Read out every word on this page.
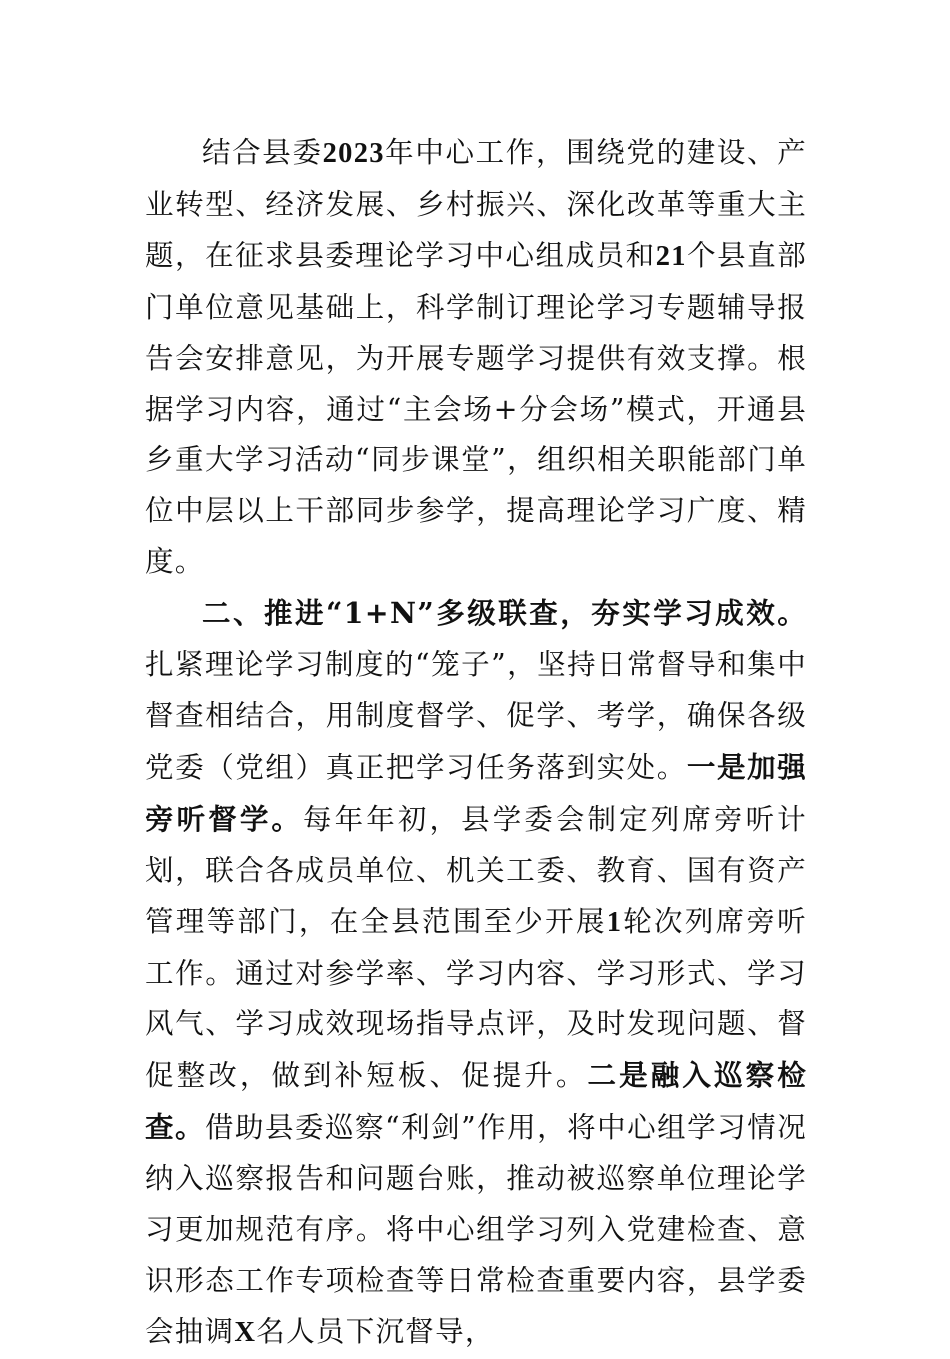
结合县委2023年中心工作，围绕党的建设、产业转型、经济发展、乡村振兴、深化改革等重大主题，在征求县委理论学习中心组成员和21个县直部门单位意见基础上，科学制订理论学习专题辅导报告会安排意见，为开展专题学习提供有效支撑。根据学习内容，通过“主会场+分会场”模式，开通县乡重大学习活动“同步课堂”，组织相关职能部门单位中层以上干部同步参学，提高理论学习广度、精度。

二、推进“1+N”多级联查，夯实学习成效。扎紧理论学习制度的“笼子”，坚持日常督导和集中督查相结合，用制度督学、促学、考学，确保各级党委（党组）真正把学习任务落到实处。一是加强旁听督学。每年年初，县学委会制定列席旁听计划，联合各成员单位、机关工委、教育、国有资产管理等部门，在全县范围至少开展1轮次列席旁听工作。通过对参学率、学习内容、学习形式、学习风气、学习成效现场指导点评，及时发现问题、督促整改，做到补短板、促提升。二是融入巡察检查。借助县委巡察“利剑”作用，将中心组学习情况纳入巡察报告和问题台账，推动被巡察单位理论学习更加规范有序。将中心组学习列入党建检查、意识形态工作专项检查等日常检查重要内容，县学委会抽调X名人员下沉督导，
